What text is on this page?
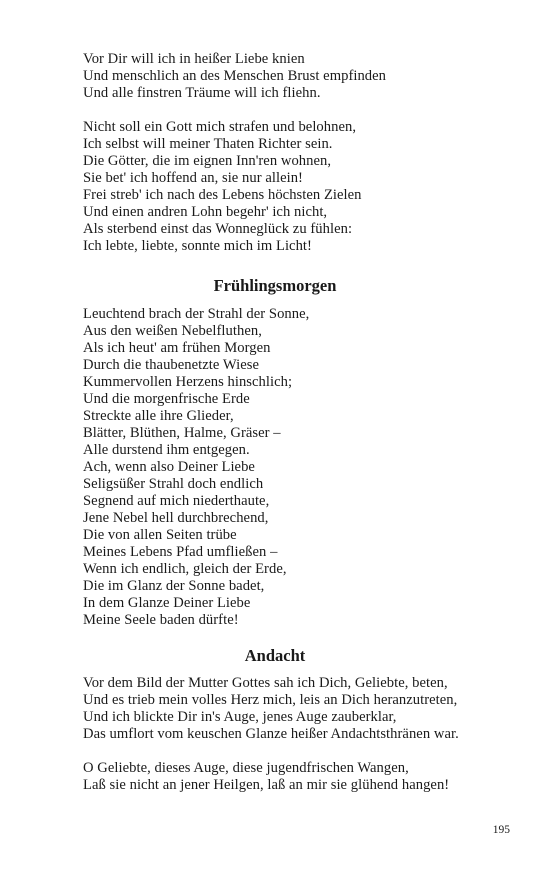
Vor Dir will ich in heißer Liebe knien
Und menschlich an des Menschen Brust empfinden
Und alle finstren Träume will ich fliehn.
Nicht soll ein Gott mich strafen und belohnen,
Ich selbst will meiner Thaten Richter sein.
Die Götter, die im eignen Inn'ren wohnen,
Sie bet' ich hoffend an, sie nur allein!
Frei streb' ich nach des Lebens höchsten Zielen
Und einen andren Lohn begehr' ich nicht,
Als sterbend einst das Wonneglück zu fühlen:
Ich lebte, liebte, sonnte mich im Licht!
Frühlingsmorgen
Leuchtend brach der Strahl der Sonne,
Aus den weißen Nebelfluthen,
Als ich heut' am frühen Morgen
Durch die thaubenetzte Wiese
Kummervollen Herzens hinschlich;
Und die morgenfrische Erde
Streckte alle ihre Glieder,
Blätter, Blüthen, Halme, Gräser –
Alle durstend ihm entgegen.
Ach, wenn also Deiner Liebe
Seligsüßer Strahl doch endlich
Segnend auf mich niederthaute,
Jene Nebel hell durchbrechend,
Die von allen Seiten trübe
Meines Lebens Pfad umfließen –
Wenn ich endlich, gleich der Erde,
Die im Glanz der Sonne badet,
In dem Glanze Deiner Liebe
Meine Seele baden dürfte!
Andacht
Vor dem Bild der Mutter Gottes sah ich Dich, Geliebte, beten,
Und es trieb mein volles Herz mich, leis an Dich heranzutreten,
Und ich blickte Dir in's Auge, jenes Auge zauberklar,
Das umflort vom keuschen Glanze heißer Andachtsthränen war.
O Geliebte, dieses Auge, diese jugendfrischen Wangen,
Laß sie nicht an jener Heilgen, laß an mir sie glühend hangen!
195
